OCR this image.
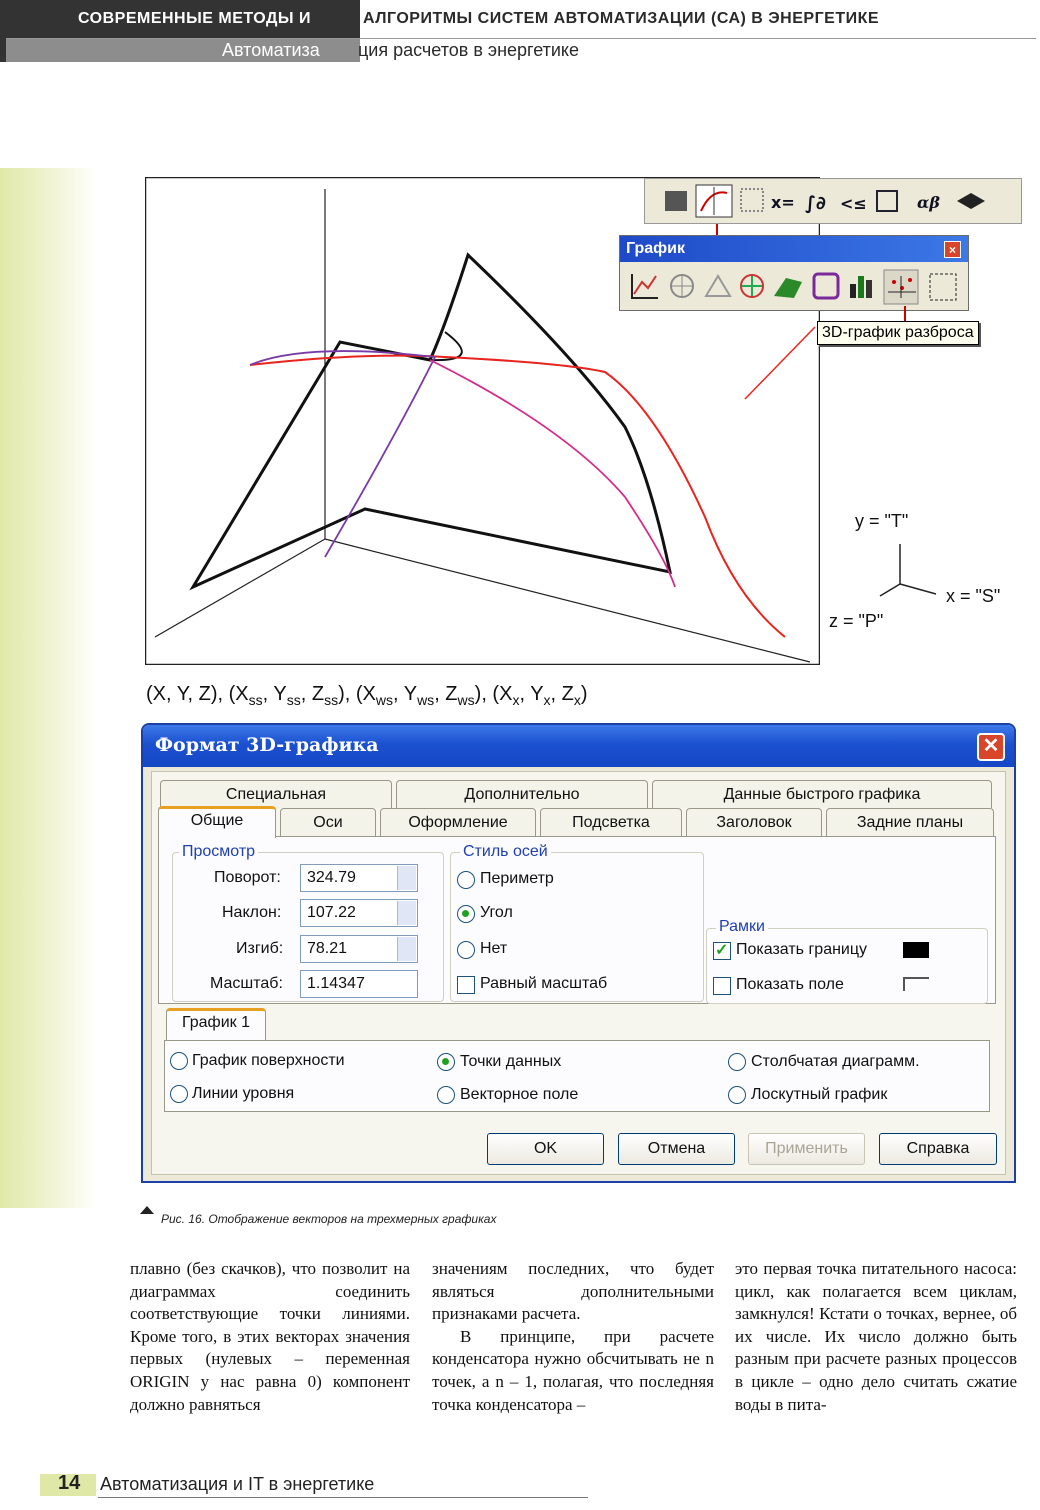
СОВРЕМЕННЫЕ МЕТОДЫ И	АЛГОРИТМЫ СИСТЕМ АВТОМАТИЗАЦИИ (СА) В ЭНЕРГЕТИКЕ
Автоматиза ция расчетов в энергетике
x= ∫∂ <≤	αβ
График	×
3D-график разброса
y = "T"
x = "S"
z = "P"
(X, Y, Z), ($X_{ss}$, $Y_{ss}$, $Z_{ss}$), ($X_{ws}$, $Y_{ws}$, $Z_{ws}$), ($X_x$, $Y_x$, $Z_x$)
Формат 3D-графика	✕
Специальная	Дополнительно	Данные быстрого графика
Общие	Оси	Оформление	Подсветка	Заголовок	Задние планы
Просмотр
Поворот:	324.79
Наклон:	107.22
Изгиб:	78.21
Масштаб:	1.14347
Стиль осей
Периметр
Угол
Нет
Равный масштаб
Рамки
✓
Показать границу
Показать поле
График 1
График поверхности	Точки данных	Столбчатая диаграмм.
Линии уровня	Векторное поле	Лоскутный график
OK	Отмена	Применить	Справка
Рис. 16. Отображение векторов на трехмерных графиках

плавно (без скачков), что позволит на диаграммах соединить соответствующие точки линиями. Кроме того, в этих векторах значения первых (нулевых – переменная ORIGIN у нас равна 0) компонент должно равняться

значениям последних, что будет являться дополнительными признаками расчета.

В принципе, при расчете конденсатора нужно обсчитывать не n точек, а n – 1, полагая, что последняя точка конденсатора –

это первая точка питательного насоса: цикл, как полагается всем циклам, замкнулся! Кстати о точках, вернее, об их числе. Их число должно быть разным при расчете разных процессов в цикле – одно дело считать сжатие воды в пита-

14 Автоматизация и IT в энергетике
